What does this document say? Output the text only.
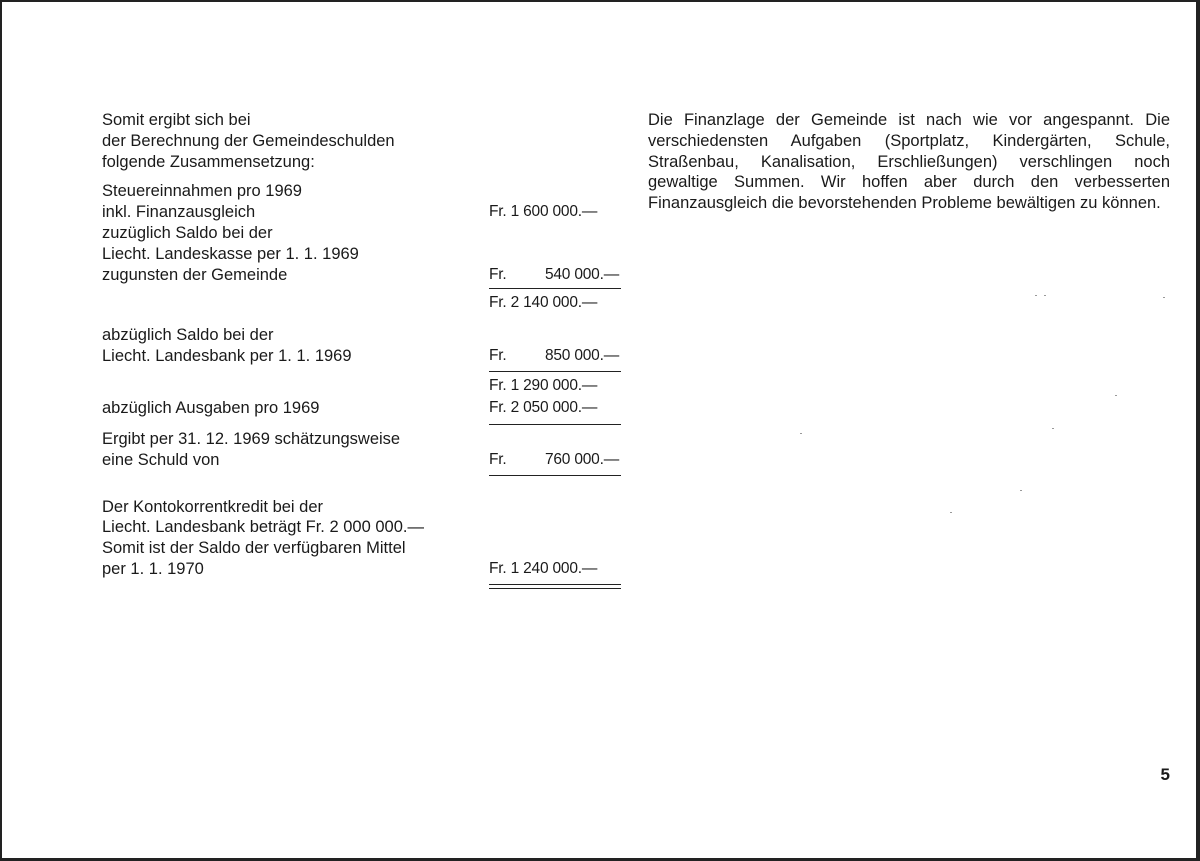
Somit ergibt sich bei
der Berechnung der Gemeindeschulden
folgende Zusammensetzung:
Steuereinnahmen pro 1969
inkl. Finanzausgleich	Fr. 1 600 000.—
zuzüglich Saldo bei der
Liecht. Landeskasse per 1. 1. 1969
zugunsten der Gemeinde	Fr. 540 000.—
Fr. 2 140 000.—
abzüglich Saldo bei der
Liecht. Landesbank per 1. 1. 1969	Fr. 850 000.—
Fr. 1 290 000.—
abzüglich Ausgaben pro 1969	Fr. 2 050 000.—
Ergibt per 31. 12. 1969 schätzungsweise
eine Schuld von	Fr. 760 000.—
Der Kontokorrentkredit bei der
Liecht. Landesbank beträgt Fr. 2 000 000.—
Somit ist der Saldo der verfügbaren Mittel
per 1. 1. 1970	Fr. 1 240 000.—

Die Finanzlage der Gemeinde ist nach wie vor angespannt. Die verschiedensten Aufgaben (Sportplatz, Kindergärten, Schule, Straßenbau, Kanalisation, Erschließungen) verschlingen noch gewaltige Summen. Wir hoffen aber durch den verbesserten Finanzausgleich die bevorstehenden Probleme bewältigen zu können.

5
